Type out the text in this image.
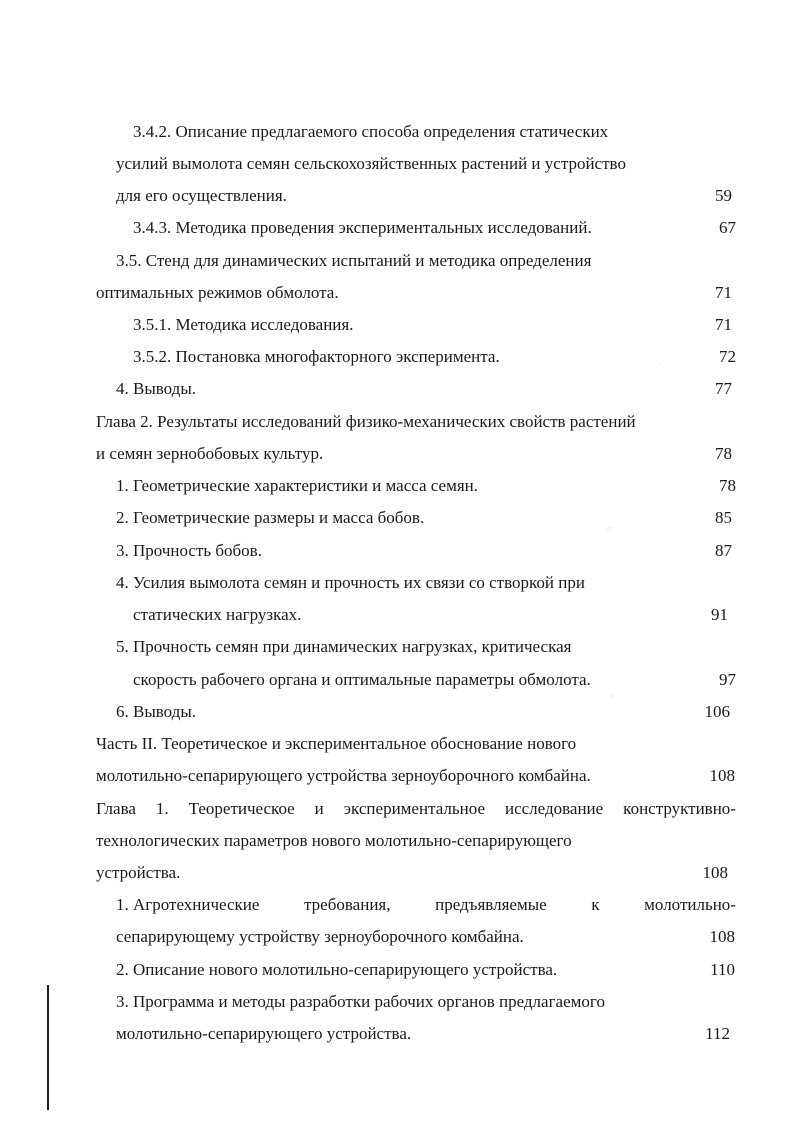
3.4.2. Описание предлагаемого способа определения статических
усилий вымолота семян сельскохозяйственных растений и устройство
для его осуществления.	59
3.4.3. Методика проведения экспериментальных исследований.	67
3.5. Стенд для динамических испытаний и методика определения
оптимальных режимов обмолота.	71
3.5.1. Методика исследования.	71
3.5.2. Постановка многофакторного эксперимента.	72
4. Выводы.	77
Глава 2. Результаты исследований физико-механических свойств растений
и семян зернобобовых культур.	78
1. Геометрические характеристики и масса семян.	78
2. Геометрические размеры и масса бобов.	85
3. Прочность бобов.	87
4. Усилия вымолота семян и прочность их связи со створкой при
статических нагрузках.	91
5. Прочность семян при динамических нагрузках, критическая
скорость рабочего органа и оптимальные параметры обмолота.	97
6. Выводы.	106
Часть II. Теоретическое и экспериментальное обоснование нового
молотильно-сепарирующего устройства зерноуборочного комбайна.	108
Глава 1. Теоретическое и экспериментальное исследование конструктивно-
технологических параметров нового молотильно-сепарирующего
устройства.	108
1. Агротехнические	требования,	предъявляемые	к	молотильно-
сепарирующему устройству зерноуборочного комбайна.	108
2. Описание нового молотильно-сепарирующего устройства.	110
3. Программа и методы разработки рабочих органов предлагаемого
молотильно-сепарирующего устройства.	112
⁘
⁘
·
